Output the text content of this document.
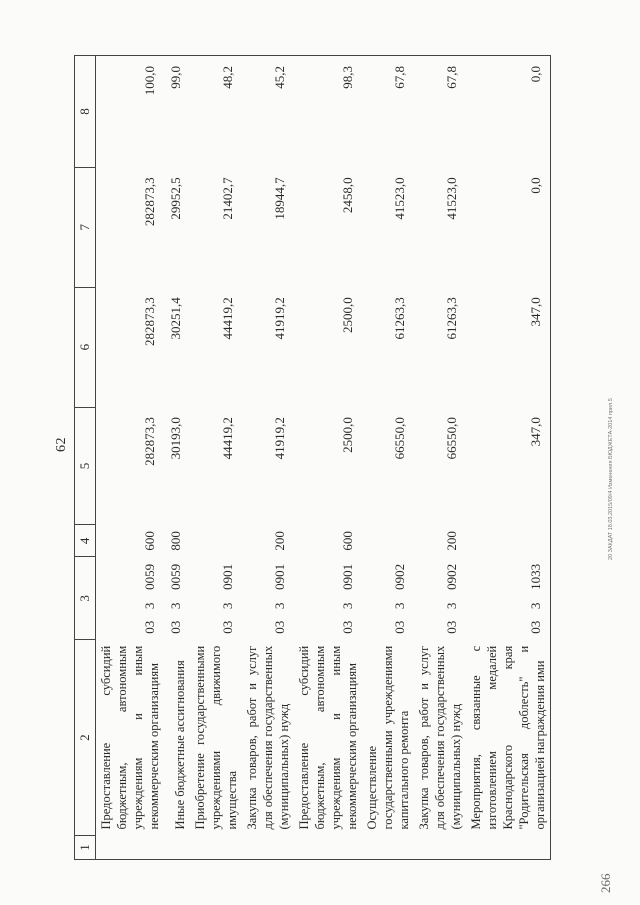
62
266
20 ЗАКДАТ 18.03.2015/09/4 Изменения БЮДЖЕТА-2014 прил.5
1	2	3			4	5	6	7	8
	Предоставление субсидий бюджетным, автономным учреждениям и иным некоммерческим организациям	03	3	0059	600	282873,3	282873,3	282873,3	100,0
	Иные бюджетные ассигнования	03	3	0059	800	30193,0	30251,4	29952,5	99,0
	Приобретение государственными учреждениями движимого имущества	03	3	0901		44419,2	44419,2	21402,7	48,2
	Закупка товаров, работ и услуг для обеспечения государственных (муниципальных) нужд	03	3	0901	200	41919,2	41919,2	18944,7	45,2
	Предоставление субсидий бюджетным, автономным учреждениям и иным некоммерческим организациям	03	3	0901	600	2500,0	2500,0	2458,0	98,3
	Осуществление государственными учреждениями капитального ремонта	03	3	0902		66550,0	61263,3	41523,0	67,8
	Закупка товаров, работ и услуг для обеспечения государственных (муниципальных) нужд	03	3	0902	200	66550,0	61263,3	41523,0	67,8
	Мероприятия, связанные с изготовлением медалей Краснодарского края "Родительская доблесть" и организацией награждения ими	03	3	1033		347,0	347,0	0,0	0,0
